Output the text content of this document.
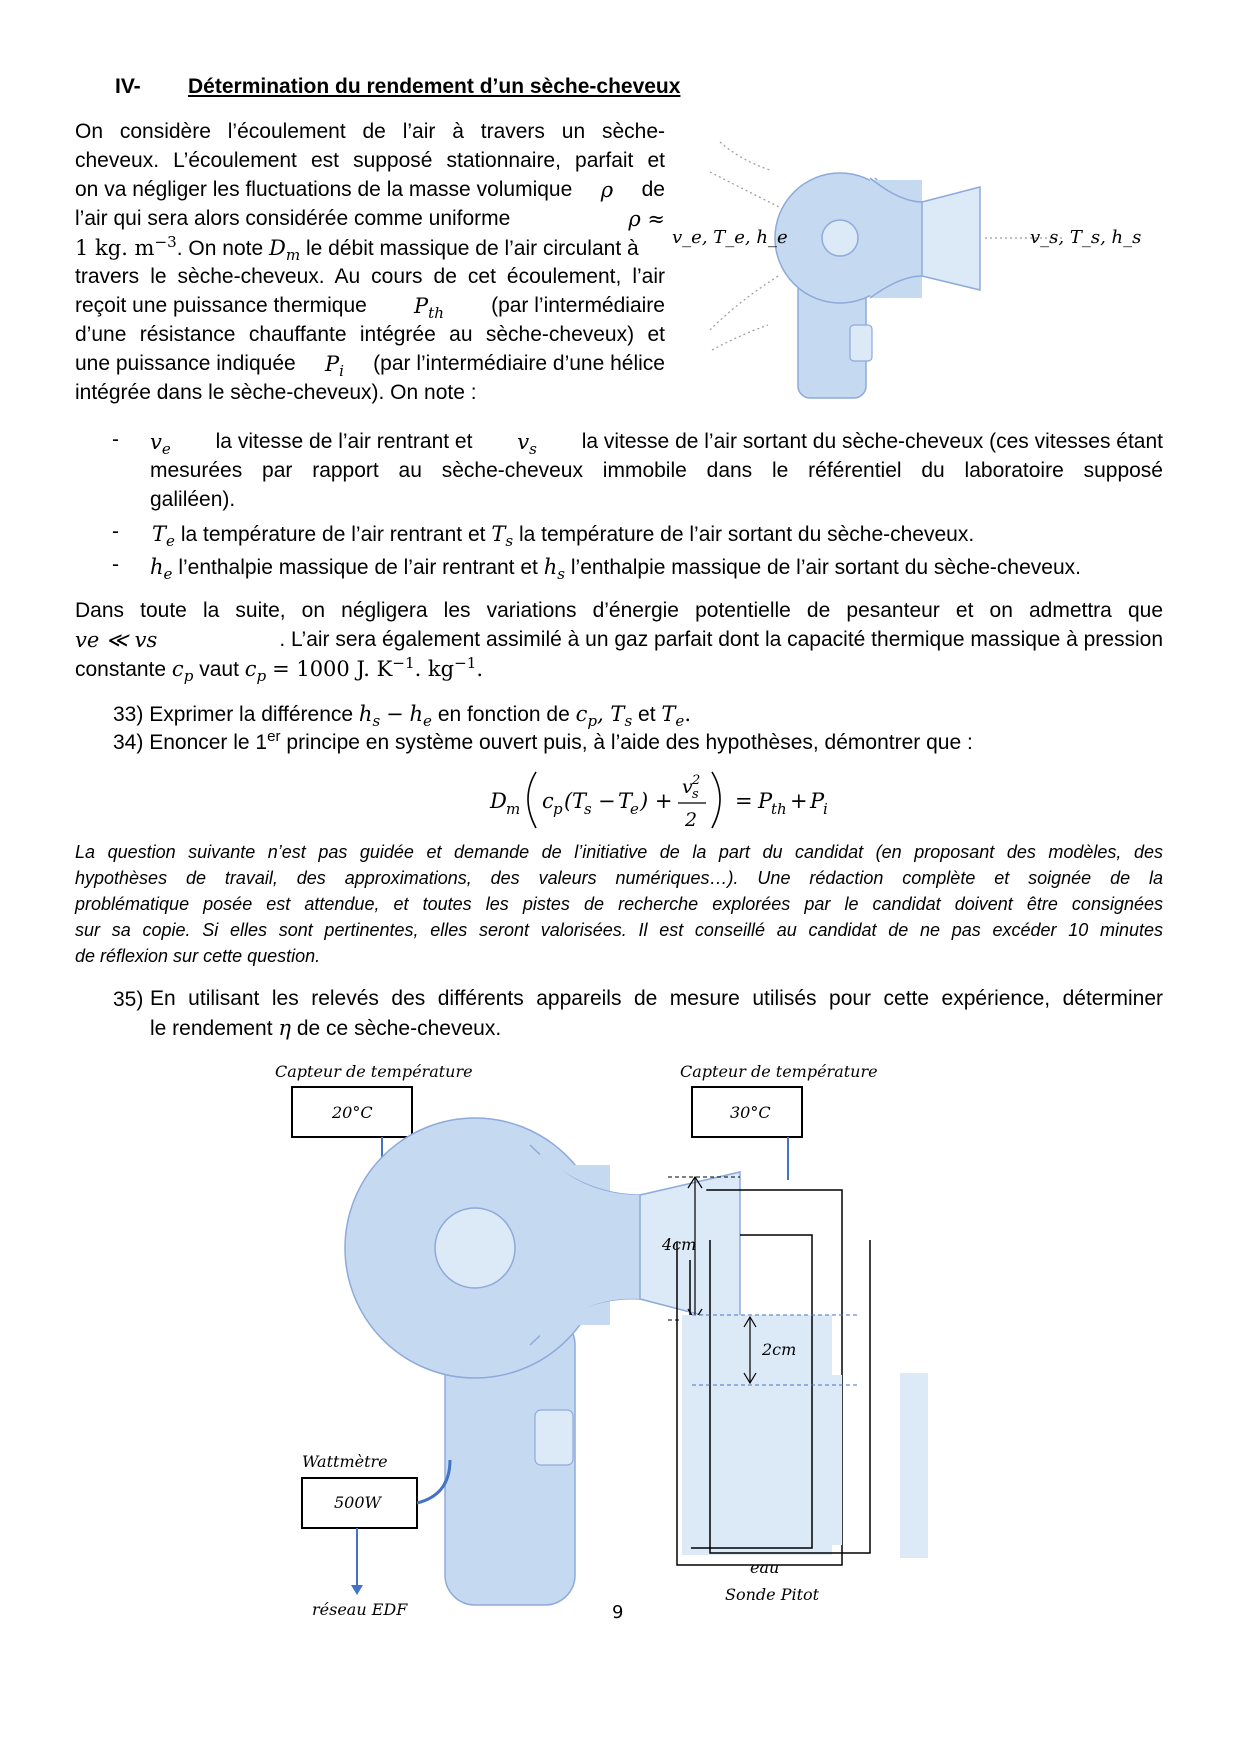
IV- Détermination du rendement d’un sèche-cheveux
On considère l’écoulement de l’air à travers un sèche-
cheveux. L’écoulement est supposé stationnaire, parfait et
on va négliger les fluctuations de la masse volumique ρ de
l’air qui sera alors considérée comme uniforme	ρ ≈
1 kg. $m^{-3}$. On note $D_m$ le débit massique de l’air circulant à
travers le sèche-cheveux. Au cours de cet écoulement, l’air
reçoit une puissance thermique $P_{th}$ (par l’intermédiaire
d’une résistance chauffante intégrée au sèche-cheveux) et
une puissance indiquée $P_i$ (par l’intermédiaire d’une hélice
intégrée dans le sèche-cheveux). On note :
v_e, T_e, h_e	v_s, T_s, h_s
- $v_e$ la vitesse de l’air rentrant et $v_s$ la vitesse de l’air sortant du sèche-cheveux (ces vitesses étant
mesurées par rapport au sèche-cheveux immobile dans le référentiel du laboratoire supposé
galiléen).
- $T_e$ la température de l’air rentrant et $T_s$ la température de l’air sortant du sèche-cheveux.
- $h_e$ l’enthalpie massique de l’air rentrant et $h_s$ l’enthalpie massique de l’air sortant du sèche-cheveux.
Dans toute la suite, on négligera les variations d’énergie potentielle de pesanteur et on admettra que
ve ≪ vs	. L’air sera également assimilé à un gaz parfait dont la capacité thermique massique à pression
constante $c_p$ vaut $c_p = 1000$ J. $K^{-1}$. $kg^{-1}$.
33) Exprimer la différence $h_s - h_e$ en fonction de $c_p$, $T_s$ et $T_e$.
34) Enoncer le 1er principe en système ouvert puis, à l’aide des hypothèses, démontrer que :
D m c p ( T
s − T
e ) +
v s
2
2
= P
th + P
i
La question suivante n’est pas guidée et demande de l’initiative de la part du candidat (en proposant des modèles, des
hypothèses de travail, des approximations, des valeurs numériques…). Une rédaction complète et soignée de la
problématique posée est attendue, et toutes les pistes de recherche explorées par le candidat doivent être consignées
sur sa copie. Si elles sont pertinentes, elles seront valorisées. Il est conseillé au candidat de ne pas excéder 10 minutes
de réflexion sur cette question.
35) En utilisant les relevés des différents appareils de mesure utilisés pour cette expérience, déterminer
le rendement η de ce sèche-cheveux.
Capteur de température
20°C
Capteur de température
30°C
4cm
2cm
eau
Sonde Pitot
Wattmètre
500W
réseau EDF	9
